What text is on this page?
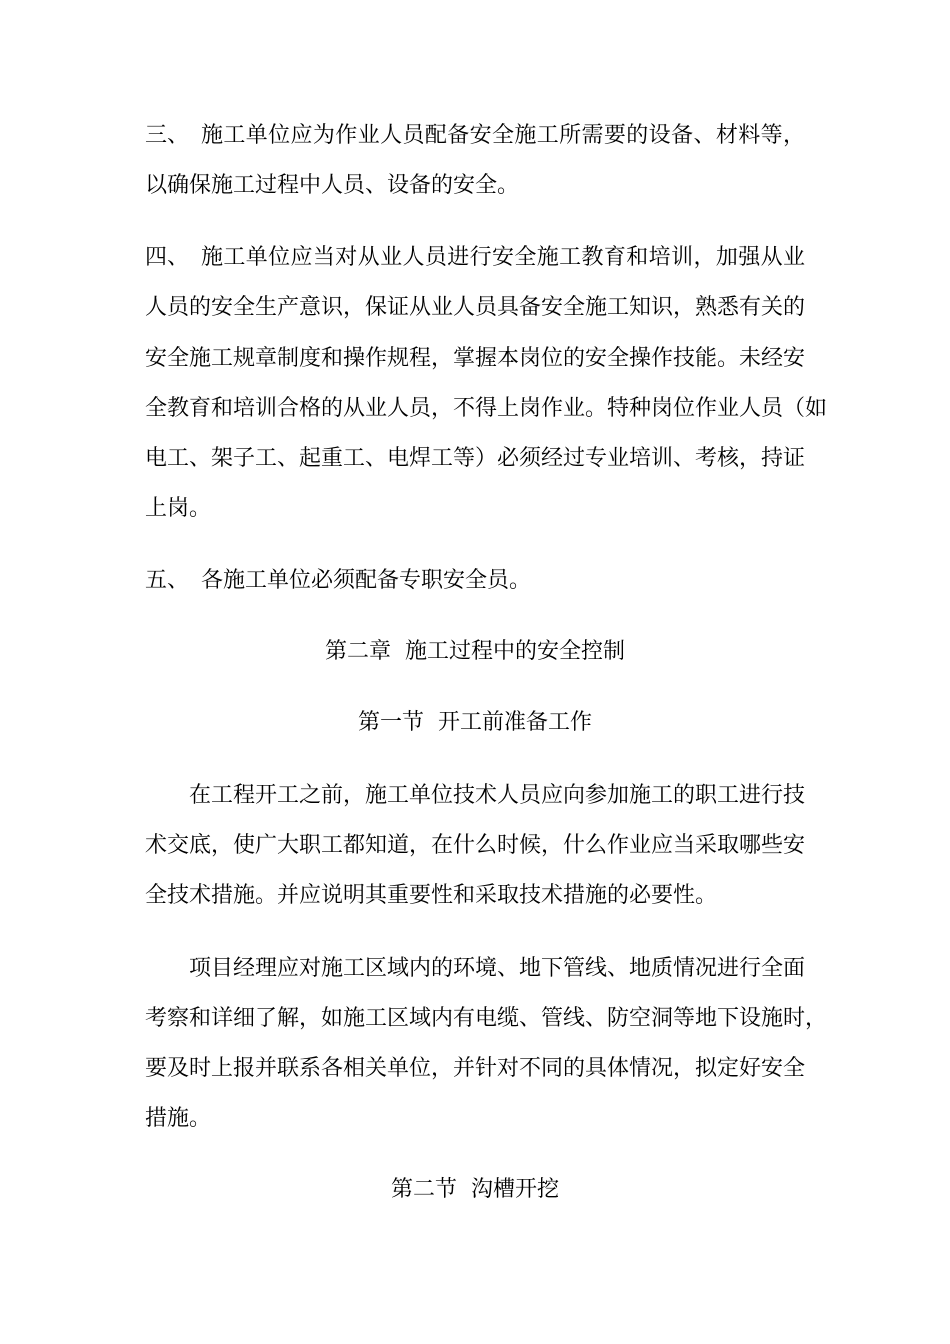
三、 施工单位应为作业人员配备安全施工所需要的设备、材料等，
以确保施工过程中人员、设备的安全。
四、 施工单位应当对从业人员进行安全施工教育和培训，加强从业
人员的安全生产意识，保证从业人员具备安全施工知识，熟悉有关的
安全施工规章制度和操作规程，掌握本岗位的安全操作技能。未经安
全教育和培训合格的从业人员，不得上岗作业。特种岗位作业人员（如
电工、架子工、起重工、电焊工等）必须经过专业培训、考核，持证
上岗。
五、 各施工单位必须配备专职安全员。
第二章  施工过程中的安全控制
第一节  开工前准备工作
在工程开工之前，施工单位技术人员应向参加施工的职工进行技
术交底，使广大职工都知道，在什么时候，什么作业应当采取哪些安
全技术措施。并应说明其重要性和采取技术措施的必要性。
项目经理应对施工区域内的环境、地下管线、地质情况进行全面
考察和详细了解，如施工区域内有电缆、管线、防空洞等地下设施时，
要及时上报并联系各相关单位，并针对不同的具体情况，拟定好安全
措施。
第二节  沟槽开挖
